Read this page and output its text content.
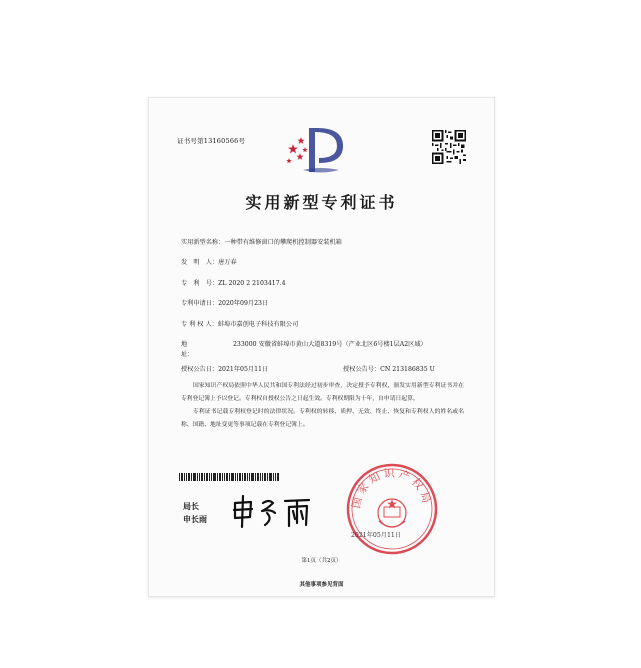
证书号第13160566号
实用新型专利证书
实用新型名称：一种带有维修窗口的攀爬机控制器安装机箱
发　明　人：唐万春
专　利　号：ZL 2020 2 2103417.4
专利申请日：2020年09月23日
专 利 权 人：蚌埠市嘉创电子科技有限公司
地　　　址：
233000 安徽省蚌埠市黄山大道8319号（产业北区6号楼1层A2区域）
授权公告日：2021年05月11日	授权公告号：CN 213186835 U

国家知识产权局依照中华人民共和国专利法经过初步审查，决定授予专利权，颁发实用新型专利证书并在专利登记簿上予以登记。专利权自授权公告之日起生效。专利权期限为十年，自申请日起算。

专利证书记载专利权登记时的法律状况。专利权的转移、质押、无效、终止、恢复和专利权人的姓名或名称、国籍、地址变更等事项记载在专利登记簿上。

局长
申长雨
国家知识产权局
2021年05月11日
第1页（共2页）
其他事项参见背面
